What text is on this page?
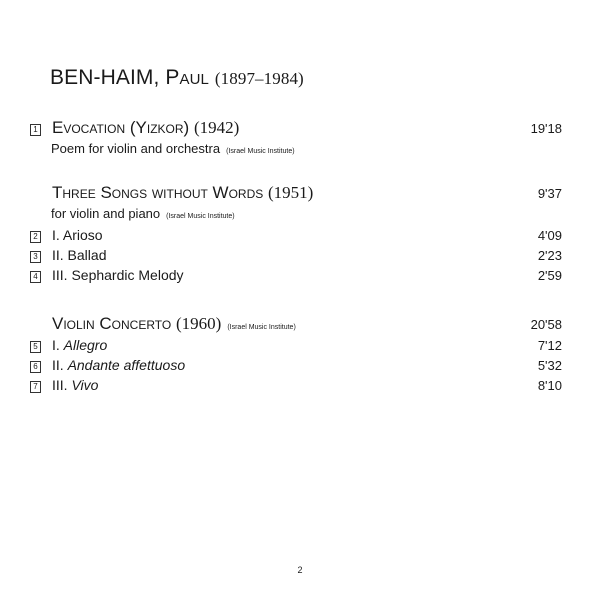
BEN-HAIM, Paul (1897–1984)
1 Evocation (Yizkor) (1942)	19'18
Poem for violin and orchestra (Israel Music Institute)
Three Songs without Words (1951)	9'37
for violin and piano (Israel Music Institute)
2 I. Arioso	4'09
3 II. Ballad	2'23
4 III. Sephardic Melody	2'59
Violin Concerto (1960) (Israel Music Institute)	20'58
5 I. Allegro	7'12
6 II. Andante affettuoso	5'32
7 III. Vivo	8'10
2
